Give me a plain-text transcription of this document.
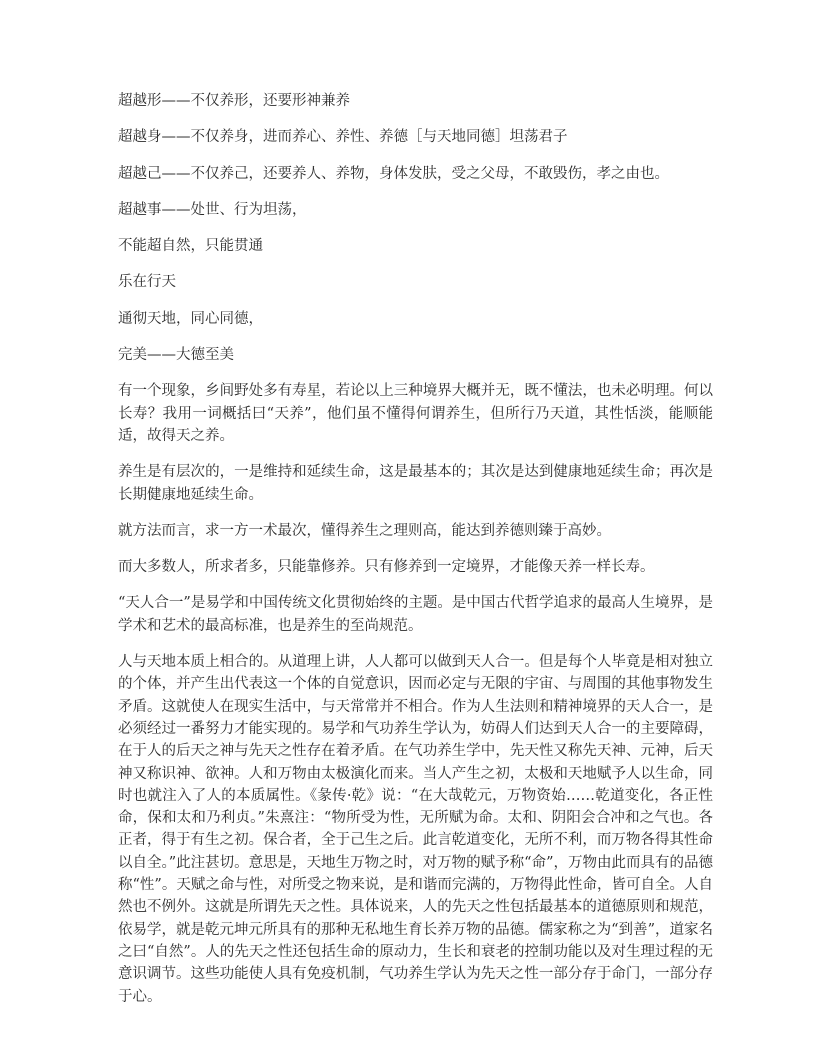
超越形——不仅养形，还要形神兼养

超越身——不仅养身，进而养心、养性、养德［与天地同德］坦荡君子

超越己——不仅养己，还要养人、养物，身体发肤，受之父母，不敢毁伤，孝之由也。

超越事——处世、行为坦荡，

不能超自然，只能贯通

乐在行天

通彻天地，同心同德，

完美——大德至美

有一个现象，乡间野处多有寿星，若论以上三种境界大概并无，既不懂法，也未必明理。何以长寿？我用一词概括曰“天养”，他们虽不懂得何谓养生，但所行乃天道，其性恬淡，能顺能适，故得天之养。

养生是有层次的，一是维持和延续生命，这是最基本的；其次是达到健康地延续生命；再次是长期健康地延续生命。

就方法而言，求一方一术最次，懂得养生之理则高，能达到养德则臻于高妙。

而大多数人，所求者多，只能靠修养。只有修养到一定境界，才能像天养一样长寿。

“天人合一”是易学和中国传统文化贯彻始终的主题。是中国古代哲学追求的最高人生境界，是学术和艺术的最高标准，也是养生的至尚规范。

人与天地本质上相合的。从道理上讲，人人都可以做到天人合一。但是每个人毕竟是相对独立的个体，并产生出代表这一个体的自觉意识，因而必定与无限的宇宙、与周围的其他事物发生矛盾。这就使人在现实生活中，与天常常并不相合。作为人生法则和精神境界的天人合一，是必须经过一番努力才能实现的。易学和气功养生学认为，妨碍人们达到天人合一的主要障碍，在于人的后天之神与先天之性存在着矛盾。在气功养生学中，先天性又称先天神、元神，后天神又称识神、欲神。人和万物由太极演化而来。当人产生之初，太极和天地赋予人以生命，同时也就注入了人的本质属性。《彖传·乾》说：“在大哉乾元，万物资始……乾道变化，各正性命，保和太和乃利贞。”朱熹注：“物所受为性，无所赋为命。太和、阴阳会合冲和之气也。各正者，得于有生之初。保合者，全于己生之后。此言乾道变化，无所不利，而万物各得其性命以自全。”此注甚切。意思是，天地生万物之时，对万物的赋予称“命”，万物由此而具有的品德称“性”。天赋之命与性，对所受之物来说，是和谐而完满的，万物得此性命，皆可自全。人自然也不例外。这就是所谓先天之性。具体说来，人的先天之性包括最基本的道德原则和规范，依易学，就是乾元坤元所具有的那种无私地生育长养万物的品德。儒家称之为“到善”，道家名之曰“自然”。人的先天之性还包括生命的原动力，生长和衰老的控制功能以及对生理过程的无意识调节。这些功能使人具有免疫机制，气功养生学认为先天之性一部分存于命门，一部分存于心。
